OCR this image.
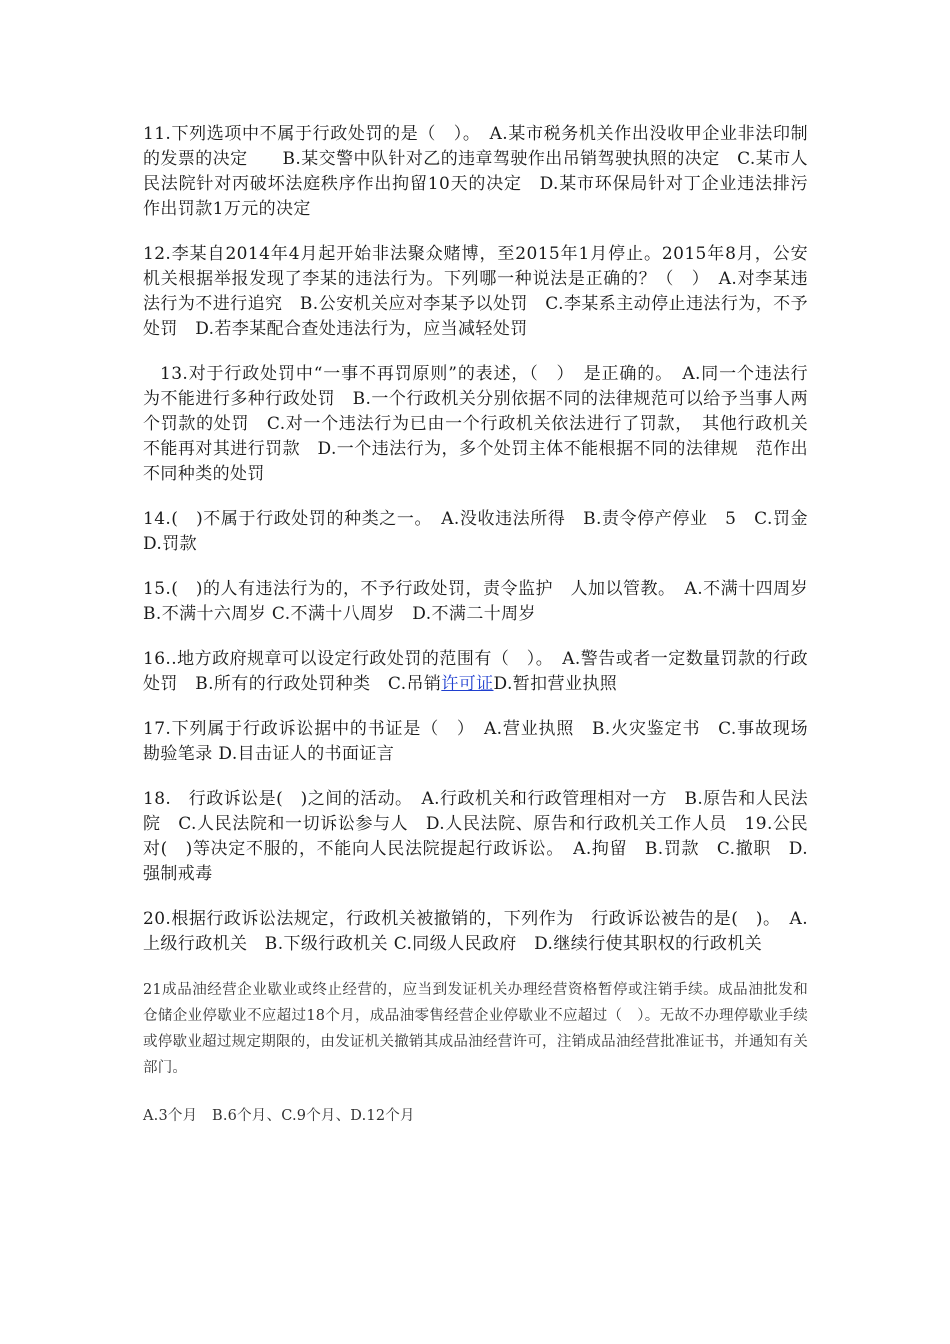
11.下列选项中不属于行政处罚的是（　）。　A.某市税务机关作出没收甲企业非法印制的发票的决定　　B.某交警中队针对乙的违章驾驶作出吊销驾驶执照的决定　C.某市人民法院针对丙破坏法庭秩序作出拘留10天的决定　D.某市环保局针对丁企业违法排污作出罚款1万元的决定

12.李某自2014年4月起开始非法聚众赌博，至2015年1月停止。2015年8月，公安机关根据举报发现了李某的违法行为。下列哪一种说法是正确的？（　）　A.对李某违法行为不进行追究　B.公安机关应对李某予以处罚　C.李某系主动停止违法行为，不予处罚　D.若李某配合查处违法行为，应当减轻处罚

13.对于行政处罚中“一事不再罚原则”的表述，（　）　是正确的。　A.同一个违法行为不能进行多种行政处罚　B.一个行政机关分别依据不同的法律规范可以给予当事人两个罚款的处罚　C.对一个违法行为已由一个行政机关依法进行了罚款，　其他行政机关不能再对其进行罚款　D.一个违法行为，多个处罚主体不能根据不同的法律规　范作出不同种类的处罚

14.(　)不属于行政处罚的种类之一。　A.没收违法所得　B.责令停产停业　5　C.罚金　D.罚款

15.(　)的人有违法行为的，不予行政处罚，责令监护　人加以管教。　A.不满十四周岁　B.不满十六周岁 C.不满十八周岁　D.不满二十周岁

16..地方政府规章可以设定行政处罚的范围有（　）。　A.警告或者一定数量罚款的行政处罚　B.所有的行政处罚种类　C.吊销许可证D.暂扣营业执照

17.下列属于行政诉讼据中的书证是（　）　A.营业执照　B.火灾鉴定书　C.事故现场勘验笔录 D.目击证人的书面证言

18.　行政诉讼是(　)之间的活动。　A.行政机关和行政管理相对一方　B.原告和人民法院　C.人民法院和一切诉讼参与人　D.人民法院、原告和行政机关工作人员　19.公民对(　)等决定不服的，不能向人民法院提起行政诉讼。　A.拘留　B.罚款　C.撤职　D.强制戒毒

20.根据行政诉讼法规定，行政机关被撤销的，下列作为　行政诉讼被告的是(　)。　A.上级行政机关　B.下级行政机关 C.同级人民政府　D.继续行使其职权的行政机关

21成品油经营企业歇业或终止经营的，应当到发证机关办理经营资格暂停或注销手续。成品油批发和仓储企业停歇业不应超过18个月，成品油零售经营企业停歇业不应超过（　）。无故不办理停歇业手续或停歇业超过规定期限的，由发证机关撤销其成品油经营许可，注销成品油经营批准证书，并通知有关部门。

A.3个月　B.6个月、C.9个月、D.12个月
